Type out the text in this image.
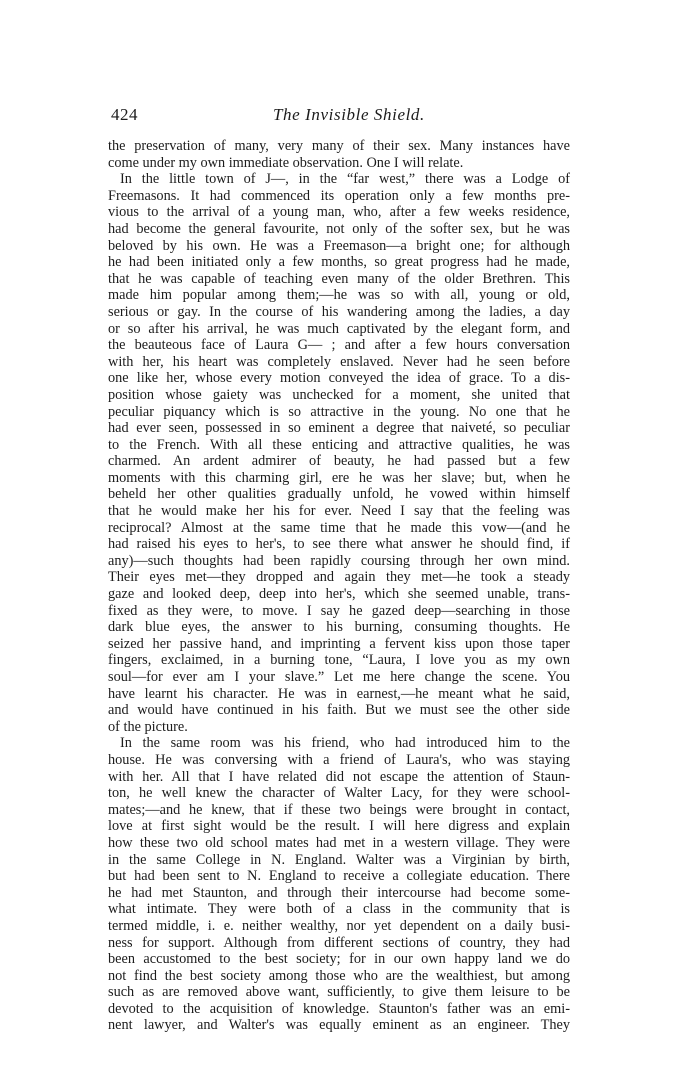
424	The Invisible Shield.
the preservation of many, very many of their sex. Many instances have
come under my own immediate observation. One I will relate.
In the little town of J—, in the “far west,” there was a Lodge of
Freemasons. It had commenced its operation only a few months pre-
vious to the arrival of a young man, who, after a few weeks residence,
had become the general favourite, not only of the softer sex, but he was
beloved by his own. He was a Freemason—a bright one; for although
he had been initiated only a few months, so great progress had he made,
that he was capable of teaching even many of the older Brethren. This
made him popular among them;—he was so with all, young or old,
serious or gay. In the course of his wandering among the ladies, a day
or so after his arrival, he was much captivated by the elegant form, and
the beauteous face of Laura G— ; and after a few hours conversation
with her, his heart was completely enslaved. Never had he seen before
one like her, whose every motion conveyed the idea of grace. To a dis-
position whose gaiety was unchecked for a moment, she united that
peculiar piquancy which is so attractive in the young. No one that he
had ever seen, possessed in so eminent a degree that naiveté, so peculiar
to the French. With all these enticing and attractive qualities, he was
charmed. An ardent admirer of beauty, he had passed but a few
moments with this charming girl, ere he was her slave; but, when he
beheld her other qualities gradually unfold, he vowed within himself
that he would make her his for ever. Need I say that the feeling was
reciprocal? Almost at the same time that he made this vow—(and he
had raised his eyes to her's, to see there what answer he should find, if
any)—such thoughts had been rapidly coursing through her own mind.
Their eyes met—they dropped and again they met—he took a steady
gaze and looked deep, deep into her's, which she seemed unable, trans-
fixed as they were, to move. I say he gazed deep—searching in those
dark blue eyes, the answer to his burning, consuming thoughts. He
seized her passive hand, and imprinting a fervent kiss upon those taper
fingers, exclaimed, in a burning tone, “Laura, I love you as my own
soul—for ever am I your slave.” Let me here change the scene. You
have learnt his character. He was in earnest,—he meant what he said,
and would have continued in his faith. But we must see the other side
of the picture.
In the same room was his friend, who had introduced him to the
house. He was conversing with a friend of Laura's, who was staying
with her. All that I have related did not escape the attention of Staun-
ton, he well knew the character of Walter Lacy, for they were school-
mates;—and he knew, that if these two beings were brought in contact,
love at first sight would be the result. I will here digress and explain
how these two old school mates had met in a western village. They were
in the same College in N. England. Walter was a Virginian by birth,
but had been sent to N. England to receive a collegiate education. There
he had met Staunton, and through their intercourse had become some-
what intimate. They were both of a class in the community that is
termed middle, i. e. neither wealthy, nor yet dependent on a daily busi-
ness for support. Although from different sections of country, they had
been accustomed to the best society; for in our own happy land we do
not find the best society among those who are the wealthiest, but among
such as are removed above want, sufficiently, to give them leisure to be
devoted to the acquisition of knowledge. Staunton's father was an emi-
nent lawyer, and Walter's was equally eminent as an engineer. They
